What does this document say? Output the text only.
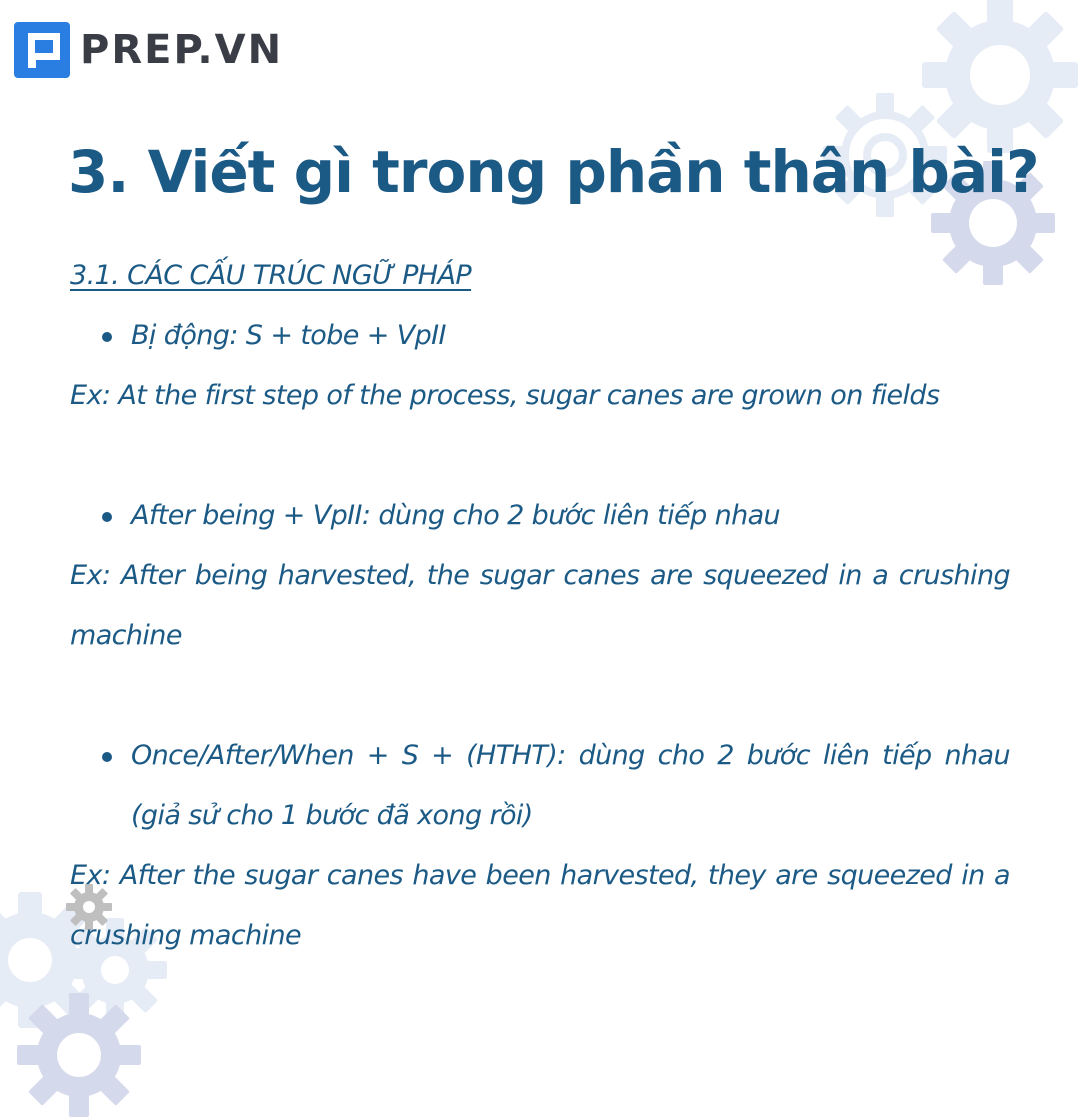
PREP.VN
3. Viết gì trong phần thân bài?

3.1. CÁC CẤU TRÚC NGỮ PHÁP

Bị động: S + tobe + VpII

Ex: At the first step of the process, sugar canes are grown on fields

After being + VpII: dùng cho 2 bước liên tiếp nhau

Ex: After being harvested, the sugar canes are squeezed in a crushing machine

Once/After/When + S + (HTHT): dùng cho 2 bước liên tiếp nhau (giả sử cho 1 bước đã xong rồi)

Ex: After the sugar canes have been harvested, they are squeezed in a crushing machine
